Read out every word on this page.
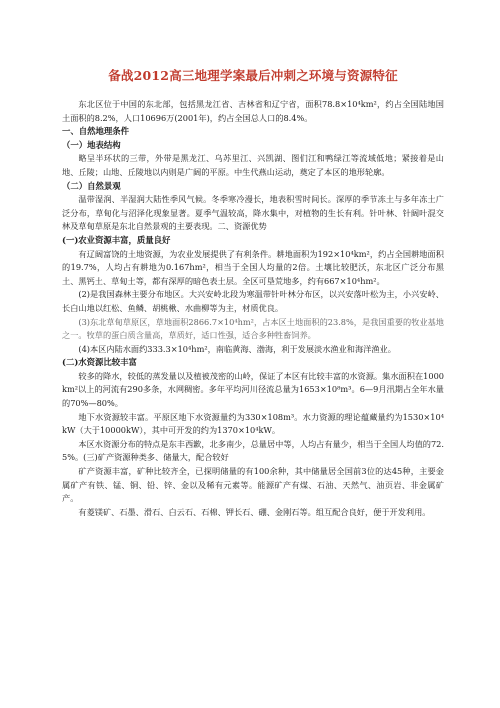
备战2012高三地理学案最后冲刺之环境与资源特征
东北区位于中国的东北部，包括黑龙江省、吉林省和辽宁省，面积78.8×10⁴km²，约占全国陆地国土面积的8.2%，人口10696万(2001年)，约占全国总人口的8.4%。
一、自然地理条件
（一）地表结构
略呈半环状的三带，外带是黑龙江、乌苏里江、兴凯湖、图们江和鸭绿江等流域低地；紧接着是山地、丘陵；山地、丘陵地以内则是广阔的平原。中生代燕山运动，奠定了本区的地形轮廓。
（二）自然景观
温带湿润、半湿润大陆性季风气候。冬季寒冷漫长，地表积雪时间长。深厚的季节冻土与多年冻土广泛分布，草甸化与沼泽化现象显著。夏季气温较高，降水集中，对植物的生长有利。针叶林、针阔叶混交林及草甸草原是东北自然景观的主要表现。二、资源优势
(一)农业资源丰富，质量良好
有辽阔富饶的土地资源，为农业发展提供了有利条件。耕地面积为192×10⁴km²，约占全国耕地面积的19.7%，人均占有耕地为0.167hm²，相当于全国人均量的2倍。土壤比较肥沃，东北区广泛分布黑土、黑钙土、草甸土等，都有深厚的暗色表土层。全区可垦荒地多，约有667×10⁴hm²。
(2)是我国森林主要分布地区。大兴安岭北段为寒温带针叶林分布区，以兴安落叶松为主，小兴安岭、长白山地以红松、鱼鳞、胡桃楸、水曲柳等为主，材质优良。
(3)东北草甸草原区，草地面积2866.7×10⁴hm²，占本区土地面积的23.8%，是我国重要的牧业基地之一。牧草的蛋白质含量高，草质好，适口性强，适合多种牲畜饲养。
(4)本区内陆水面约333.3×10⁴hm²，南临黄海、渤海，利于发展淡水渔业和海洋渔业。
(二)水资源比较丰富
较多的降水，较低的蒸发量以及植被茂密的山岭，保证了本区有比较丰富的水资源。集水面积在1000km²以上的河流有290多条，水网稠密。多年平均河川径流总量为1653×10⁸m³。6—9月汛期占全年水量的70%—80%。
地下水资源较丰富。平原区地下水资源量约为330×108m³。水力资源的理论蕴藏量约为1530×10⁴kW（大于10000kW），其中可开发的约为1370×10⁴kW。
本区水资源分布的特点是东丰西歉，北多南少，总量居中等，人均占有量少，相当于全国人均值的72.5%。(三)矿产资源种类多、储量大，配合较好
矿产资源丰富，矿种比较齐全，已探明储量的有100余种，其中储量居全国前3位的达45种，主要金属矿产有铁、锰、铜、铅、锌、金以及稀有元素等。能源矿产有煤、石油、天然气、油页岩、非金属矿产。
有菱镁矿、石墨、滑石、白云石、石棉、钾长石、硼、金刚石等。组互配合良好，便于开发利用。
